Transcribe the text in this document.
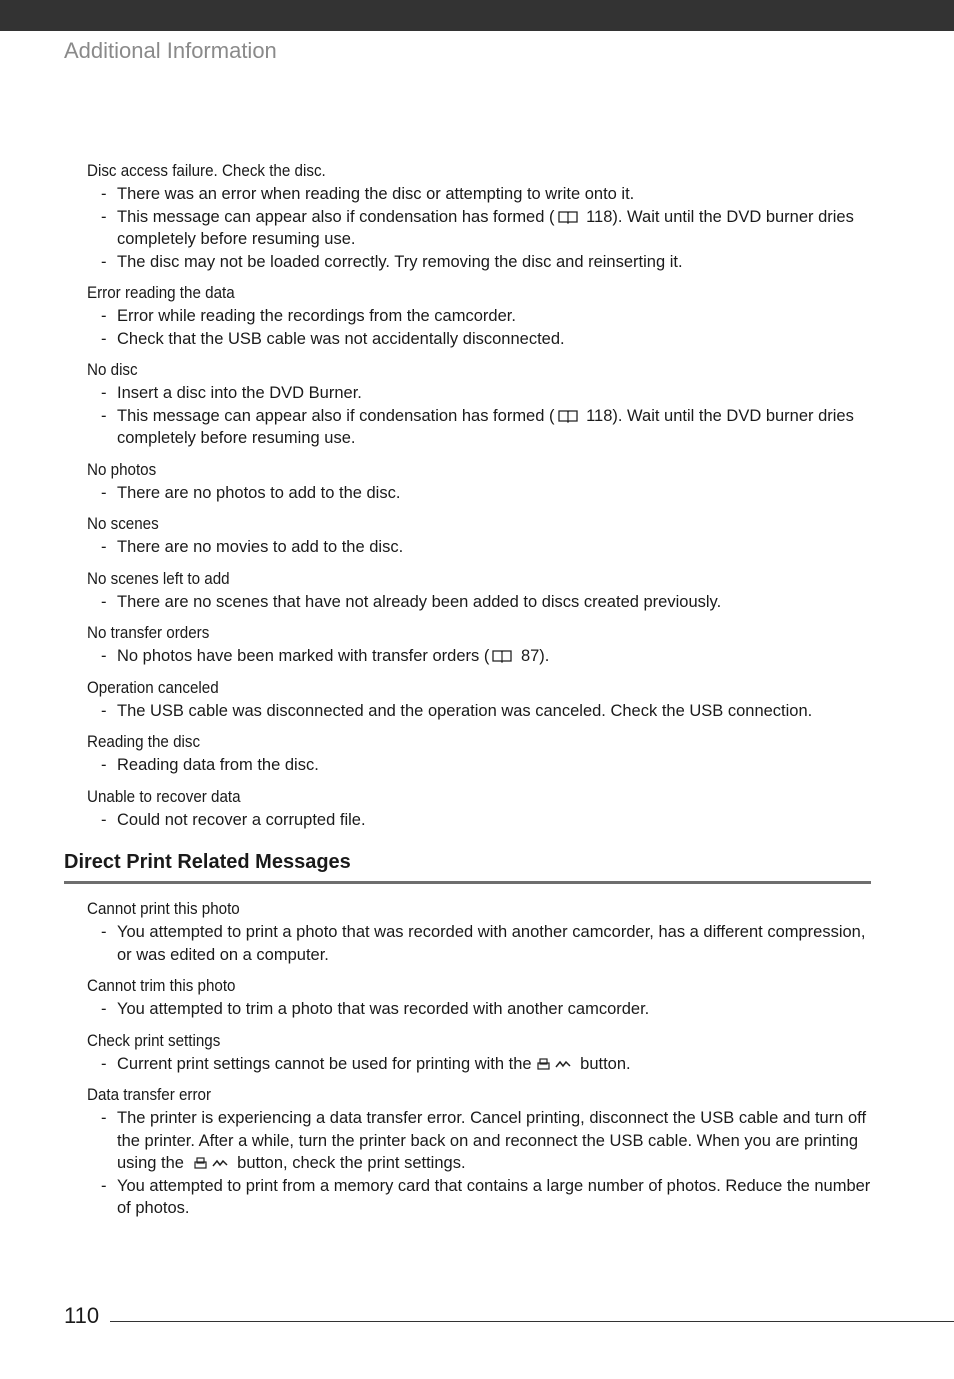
Additional Information
Disc access failure. Check the disc.
- There was an error when reading the disc or attempting to write onto it.
- This message can appear also if condensation has formed ( 118). Wait until the DVD burner dries completely before resuming use.
- The disc may not be loaded correctly. Try removing the disc and reinserting it.
Error reading the data
- Error while reading the recordings from the camcorder.
- Check that the USB cable was not accidentally disconnected.
No disc
- Insert a disc into the DVD Burner.
- This message can appear also if condensation has formed ( 118). Wait until the DVD burner dries completely before resuming use.
No photos
- There are no photos to add to the disc.
No scenes
- There are no movies to add to the disc.
No scenes left to add
- There are no scenes that have not already been added to discs created previously.
No transfer orders
- No photos have been marked with transfer orders ( 87).
Operation canceled
- The USB cable was disconnected and the operation was canceled. Check the USB connection.
Reading the disc
- Reading data from the disc.
Unable to recover data
- Could not recover a corrupted file.
Direct Print Related Messages
Cannot print this photo
- You attempted to print a photo that was recorded with another camcorder, has a different compression, or was edited on a computer.
Cannot trim this photo
- You attempted to trim a photo that was recorded with another camcorder.
Check print settings
- Current print settings cannot be used for printing with the	button.
Data transfer error
- The printer is experiencing a data transfer error. Cancel printing, disconnect the USB cable and turn off the printer. After a while, turn the printer back on and reconnect the USB cable. When you are printing using the	button, check the print settings.
- You attempted to print from a memory card that contains a large number of photos. Reduce the number of photos.
110
